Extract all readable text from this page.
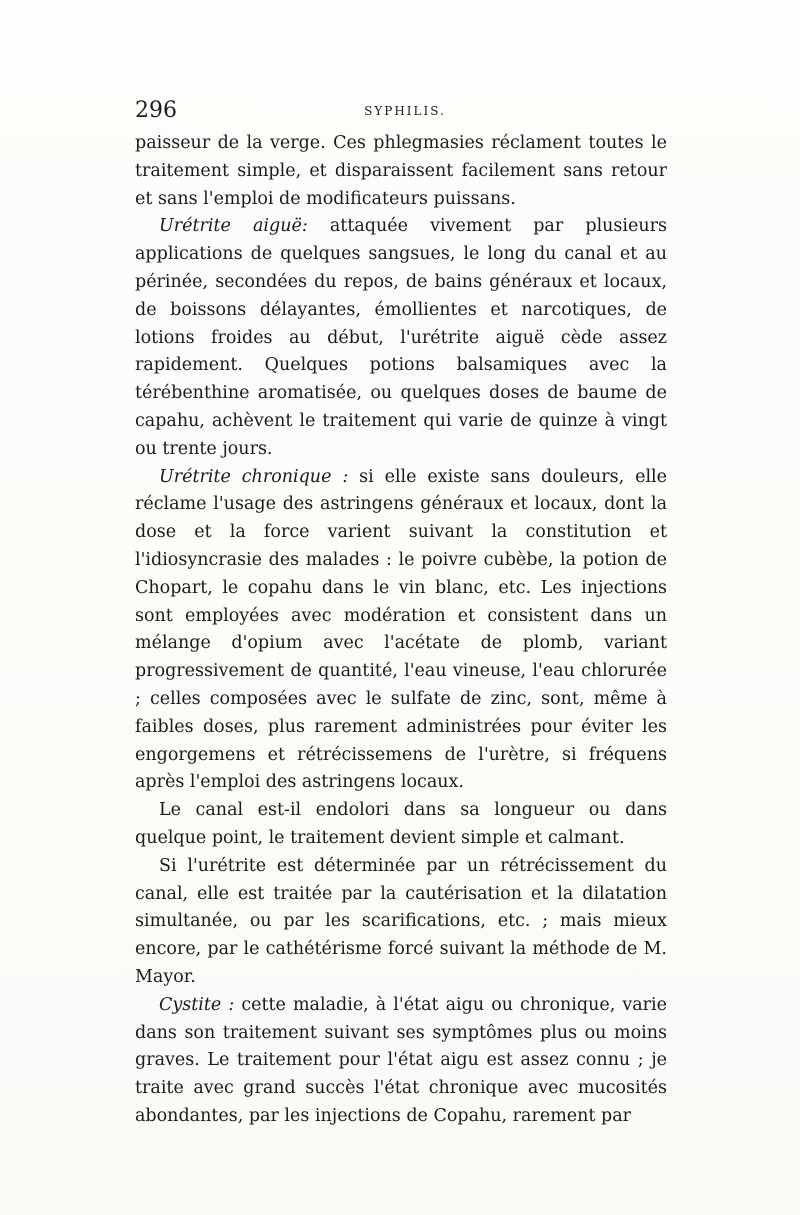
296	SYPHILIS.

paisseur de la verge. Ces phlegmasies réclament toutes le traitement simple, et disparaissent facilement sans retour et sans l'emploi de modificateurs puissans.

Urétrite aiguë: attaquée vivement par plusieurs applications de quelques sangsues, le long du canal et au périnée, secondées du repos, de bains généraux et locaux, de boissons délayantes, émollientes et narcotiques, de lotions froides au début, l'urétrite aiguë cède assez rapidement. Quelques potions balsamiques avec la térébenthine aromatisée, ou quelques doses de baume de capahu, achèvent le traitement qui varie de quinze à vingt ou trente jours.

Urétrite chronique : si elle existe sans douleurs, elle réclame l'usage des astringens généraux et locaux, dont la dose et la force varient suivant la constitution et l'idiosyncrasie des malades : le poivre cubèbe, la potion de Chopart, le copahu dans le vin blanc, etc. Les injections sont employées avec modération et consistent dans un mélange d'opium avec l'acétate de plomb, variant progressivement de quantité, l'eau vineuse, l'eau chlorurée ; celles composées avec le sulfate de zinc, sont, même à faibles doses, plus rarement administrées pour éviter les engorgemens et rétrécissemens de l'urètre, si fréquens après l'emploi des astringens locaux.

Le canal est-il endolori dans sa longueur ou dans quelque point, le traitement devient simple et calmant.

Si l'urétrite est déterminée par un rétrécissement du canal, elle est traitée par la cautérisation et la dilatation simultanée, ou par les scarifications, etc. ; mais mieux encore, par le cathétérisme forcé suivant la méthode de M. Mayor.

Cystite : cette maladie, à l'état aigu ou chronique, varie dans son traitement suivant ses symptômes plus ou moins graves. Le traitement pour l'état aigu est assez connu ; je traite avec grand succès l'état chronique avec mucosités abondantes, par les injections de Copahu, rarement par
